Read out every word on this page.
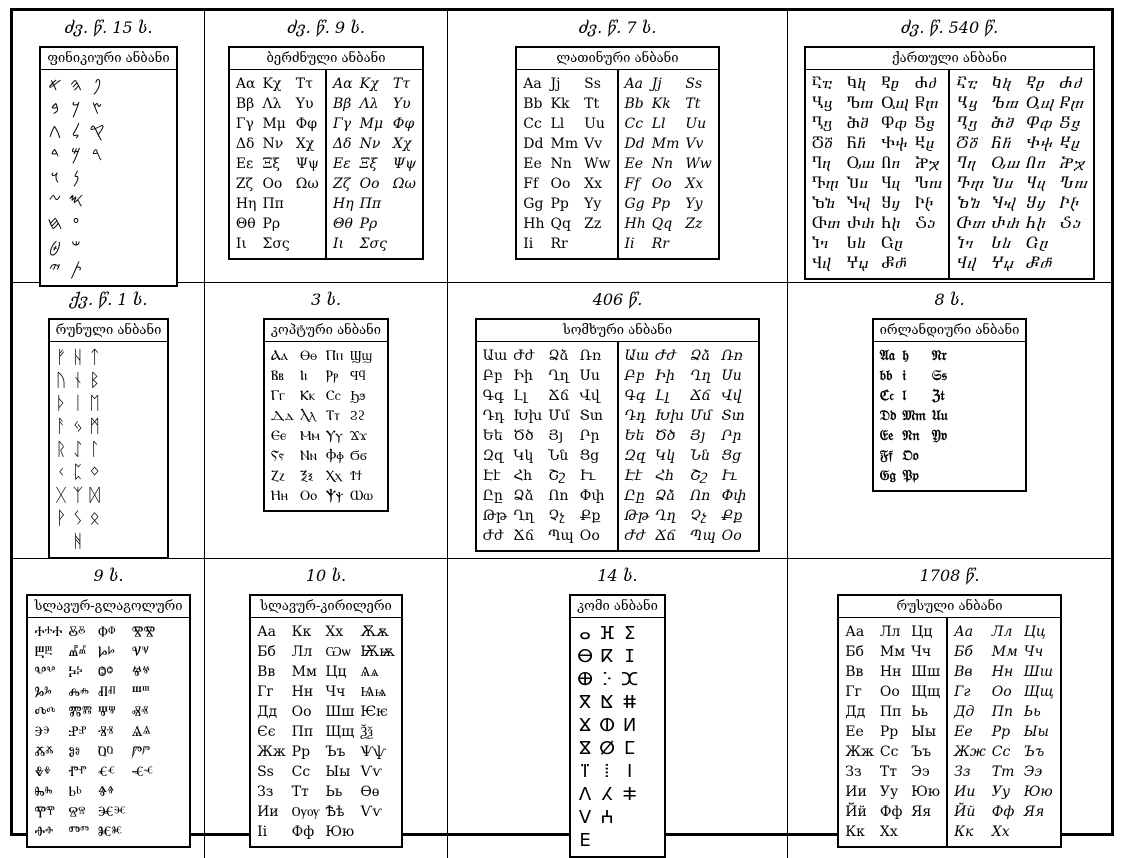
ძვ. წ. 15 ს.
ფინიკიური ანბანი
𐤀 𐤄 𐤐
𐤁 𐤊 𐤑
𐤂 𐤋 𐤒
𐤃 𐤌 𐤓
𐤅 𐤍
𐤆 𐤎
𐤇 𐤏
𐤈 𐤔
𐤉 𐤕
ძვ. წ. 9 ს.
ბერძნული ანბანი
Αα Κχ	Ττ
Ββ Λλ	Υυ
Γγ Μμ Φφ
Δδ Νν Χχ
Εε Ξξ	Ψψ
Ζζ Οο Ωω
Ηη Ππ
Θθ Ρρ
Ιι	Σσς
Αα Κχ	Ττ
Ββ Λλ	Υυ
Γγ Μμ Φφ
Δδ Νν Χχ
Εε Ξξ	Ψψ
Ζζ Οο Ωω
Ηη Ππ
Θθ Ρρ
Ιι	Σσς
ძვ. წ. 7 ს.
ლათინური ანბანი
Aa Jj	Ss
Bb Kk	Tt
Cc Ll	Uu
Dd Mm Vv
Ee Nn Ww
Ff Oo Xx
Gg Pp	Yy
Hh Qq Zz
Ii	Rr
Aa Jj	Ss
Bb Kk	Tt
Cc Ll	Uu
Dd Mm Vv
Ee Nn Ww
Ff Oo Xx
Gg Pp	Yy
Hh Qq Zz
Ii	Rr
ძვ. წ. 540 წ.
ქართული ანბანი
Ⴀⴀ Ⴉⴉ	Ⴒⴒ	Ⴛⴛ
Ⴁⴁ	Ⴊⴊ Ⴓⴓ Ⴜⴜ
Ⴂⴂ	Ⴋⴋ Ⴔⴔ Ⴝⴝ
Ⴃⴃ Ⴌⴌ	Ⴕⴕ Ⴞⴞ
Ⴄⴄ	Ⴍⴍ Ⴖⴖ	Ⴟⴟ
Ⴅⴅ Ⴎⴎ Ⴗⴗ	Ⴠⴠ
Ⴆⴆ Ⴏⴏ Ⴘⴘ	Ⴡⴡ
Ⴇⴇ Ⴐⴐ Ⴙⴙ	Ⴢⴢ
Ⴈⴈ	Ⴑⴑ	Ⴚⴚ
Ⴣⴣ	Ⴤⴤ Ⴥⴥ
Ⴀⴀ Ⴉⴉ	Ⴒⴒ	Ⴛⴛ
Ⴁⴁ	Ⴊⴊ Ⴓⴓ Ⴜⴜ
Ⴂⴂ	Ⴋⴋ Ⴔⴔ Ⴝⴝ
Ⴃⴃ Ⴌⴌ	Ⴕⴕ Ⴞⴞ
Ⴄⴄ	Ⴍⴍ Ⴖⴖ	Ⴟⴟ
Ⴅⴅ Ⴎⴎ Ⴗⴗ	Ⴠⴠ
Ⴆⴆ Ⴏⴏ Ⴘⴘ	Ⴡⴡ
Ⴇⴇ Ⴐⴐ Ⴙⴙ	Ⴢⴢ
Ⴈⴈ	Ⴑⴑ	Ⴚⴚ
Ⴣⴣ	Ⴤⴤ Ⴥⴥ
ქვ. წ. 1 ს.
რუნული ანბანი
ᚠ ᚺ ᛏ
ᚢ ᚾ ᛒ
ᚦ ᛁ ᛖ
ᚨ ᛃ ᛗ
ᚱ ᛇ ᛚ
ᚲ ᛈ ᛜ
ᚷ ᛉ ᛞ
ᚹ ᛊ ᛟ
ᚻ
3 ს.
კოპტური ანბანი
Ⲁⲁ Ⲑⲑ Ⲡⲡ Ϣϣ
Ⲃⲃ	Ⲓⲓ	Ⲣⲣ Ϥϥ
Ⲅⲅ	Ⲕⲕ Ⲥⲥ Ϧϧ
Ⲇⲇ Ⲗⲗ Ⲧⲧ Ϩϩ
Ⲉⲉ Ⲙⲙ Ⲩⲩ Ϫϫ
Ⲋⲋ	Ⲛⲛ Ⲫⲫ Ϭϭ
Ⲍⲍ	Ⲝⲝ Ⲭⲭ Ϯϯ
Ⲏⲏ Ⲟⲟ Ⲯⲯ Ⲱⲱ
406 წ.
სომხური ანბანი
Աա Ժժ	Ձձ Ռռ
Բբ Իի	Ղղ Սս
Գգ Լլ	Ճճ Վվ
Դդ Խխ Մմ Տտ
Եե Ծծ	Յյ	Րր
Զզ Կկ	Նն Ցց
Էէ Հհ	Շշ	Ււ
Ըը Ձձ	Ոո Փփ
Թթ Ղղ	Չչ	Քք
Ժժ Ճճ	Պպ Օօ
Աա Ժժ	Ձձ Ռռ
Բբ Իի	Ղղ Սս
Գգ Լլ	Ճճ Վվ
Դդ Խխ Մմ Տտ
Եե Ծծ	Յյ	Րր
Զզ Կկ	Նն Ցց
Էէ Հհ	Շշ	Ււ
Ըը Ձձ	Ոո Փփ
Թթ Ղղ	Չչ	Քք
Ժժ Ճճ	Պպ Օօ
8 ს.
ირლანდიური ანბანი
𝔄𝔞 𝔥	𝔑𝔯
𝔟𝔟 𝔦	𝔖𝔰
ℭ𝔠 𝔩	ℨ𝔱
𝔇𝔡 𝔐𝔪 𝔘𝔲
𝔈𝔢 𝔑𝔫 𝔜𝔳
𝔉𝔣 𝔒𝔬
𝔊𝔤 𝔓𝔭
9 ს.
სლავურ-გლაგოლური
ⰀⰰⰀ Ⰻⰻ Ⱇⱇ	ⰊⰊ
Ⰱⰱ	Ⰼⰼ Ⱈⱈ	Ⱌⱌ
Ⰲⰲ Ⰽⰽ	Ⱉⱉ	Ⱍⱍ
Ⰳⰳ	Ⰾⰾ Ⱊⱊ	Ⱎⱎ
Ⰴⰴ Ⰿⰿ Ⱋⱋ	Ⱏⱏ
Ⰵⰵ	Ⱀⱀ Ⱐⱐ	Ⱑⱑ
Ⰶⰶ	Ⱁⱁ	Ⱒⱒ	Ⱓⱓ
Ⰷⰷ	Ⱂⱂ Ⱔⱔ	Ⱕⱕ
Ⰸⰸ	Ⱃⱃ	Ⱖⱖ
Ⰹⰹ Ⱄⱄ Ⱗⱗ
Ⱚⱚ	Ⱅⱅ Ⱘⱘ
10 ს.
სლავურ-კირილერი
Аа	Кк	Хх	Ѫѫ
Бб	Лл Ѡѡ Ѭѭ
Вв	Мм Цц Ѧѧ
Гг	Нн Чч	Ѩѩ
Дд	Оо Шш Ѥѥ
Єє	Пп Щщ Ѯѯ
Жж Рр	Ъъ	Ѱѱ
Ѕѕ	Сс	Ыы Ѵѵ
Зз	Тт	Ьь	Ѳѳ
Ии Ѹѹ Ѣѣ	Ѵѵ
Іі	Фф Юю
14 ს.
კომი ანბანი
ⴰ ⴼ ⵉ
ⴱ ⴽ ⵊ
ⴲ ⴾ ⵋ
ⴳ ⴿ ⵌ
ⴴ ⵀ ⵍ
ⴵ ⵁ ⵎ
ⴶ ⵂ ⵏ
ⴷ ⵃ ⵐ
ⴸ ⵄ
ⴹ
1708 წ.
რუსული ანბანი
Аа	Лл Цц
Бб	Мм Чч
Вв	Нн Шш
Гг	Оо Щщ
Дд	Пп Ьь
Ее	Рр Ыы
Жж Сс Ъъ
Зз	Тт	Ээ
Ии Уу Юю
Йй Фф Яя
Кк	Хх
Аа	Лл Цц
Бб	Мм Чч
Вв	Нн Шш
Гг	Оо Щщ
Дд	Пп Ьь
Ее	Рр Ыы
Жж Сс Ъъ
Зз	Тт Ээ
Ии	Уу Юю
Йй	Фф Яя
Кк	Хх
